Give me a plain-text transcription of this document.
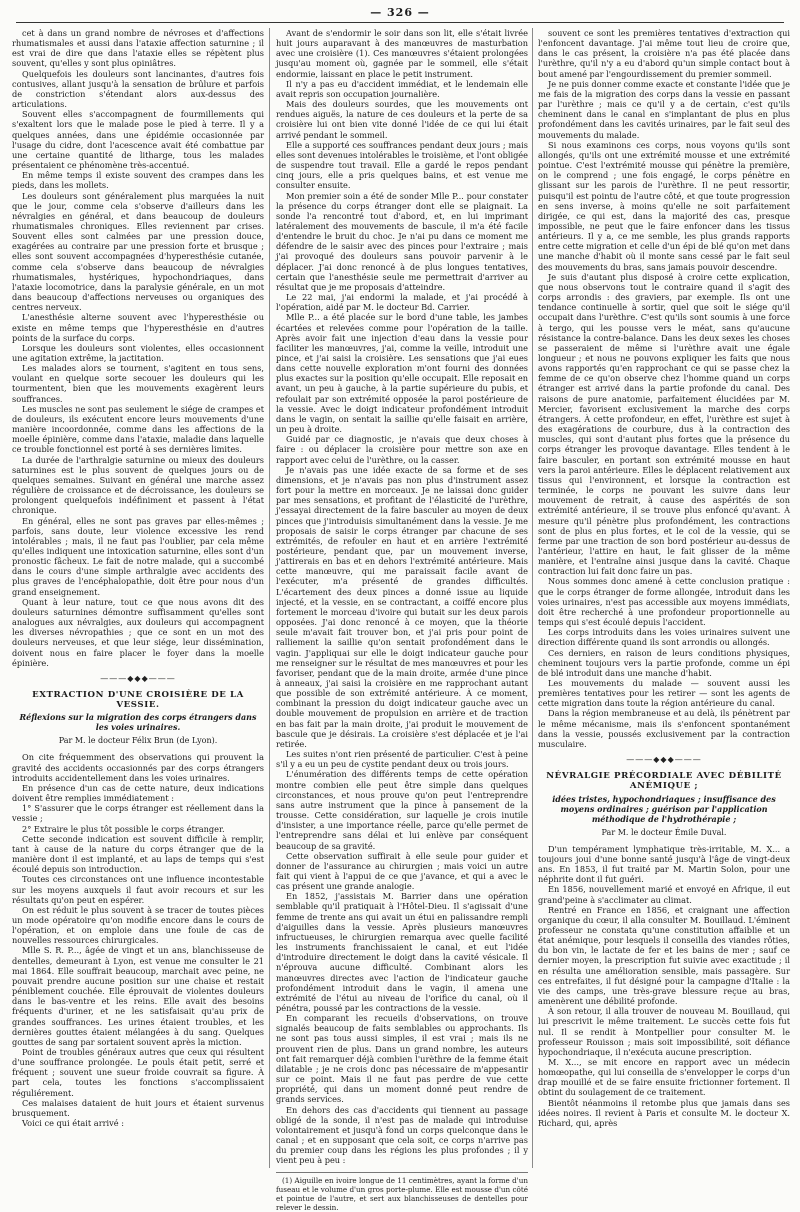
— 326 —

cet à dans un grand nombre de névroses et d'affections rhumatismales et aussi dans l'ataxie affection saturnine ; il est vrai de dire que dans l'ataxie elles se répètent plus souvent, qu'elles y sont plus opiniâtres.

Quelquefois les douleurs sont lancinantes, d'autres fois contusives, allant jusqu'à la sensation de brûlure et parfois de constriction s'étendant alors aux-dessus des articulations.

Souvent elles s'accompagnent de fourmillements qui s'exaltent lors que le malade pose le pied à terre. Il y a quelques années, dans une épidémie occasionnée par l'usage du cidre, dont l'acescence avait été combattue par une certaine quantité de litharge, tous les malades présentaient ce phénomène très-accentué.

En même temps il existe souvent des crampes dans les pieds, dans les mollets.

Les douleurs sont généralement plus marquées la nuit que le jour, comme cela s'observe d'ailleurs dans les névralgies en général, et dans beaucoup de douleurs rhumatismales chroniques. Elles reviennent par crises. Souvent elles sont calmées par une pression douce, exagérées au contraire par une pression forte et brusque ; elles sont souvent accompagnées d'hyperesthésie cutanée, comme cela s'observe dans beaucoup de névralgies rhumatismales, hystériques, hypochondriaques, dans l'ataxie locomotrice, dans la paralysie générale, en un mot dans beaucoup d'affections nerveuses ou organiques des centres nerveux.

L'anesthésie alterne souvent avec l'hyperesthésie ou existe en même temps que l'hyperesthésie en d'autres points de la surface du corps.

Lorsque les douleurs sont violentes, elles occasionnent une agitation extrême, la jactitation.

Les malades alors se tournent, s'agitent en tous sens, voulant en quelque sorte secouer les douleurs qui les tourmentent, bien que les mouvements exagèrent leurs souffrances.

Les muscles ne sont pas seulement le siége de crampes et de douleurs, ils exécutent encore leurs mouvements d'une manière incoordonnée, comme dans les affections de la moelle épinière, comme dans l'ataxie, maladie dans laquelle ce trouble fonctionnel est porté à ses dernières limites.

La durée de l'arthralgie saturnine ou mieux des douleurs saturnines est le plus souvent de quelques jours ou de quelques semaines. Suivant en général une marche assez régulière de croissance et de décroissance, les douleurs se prolongent quelquefois indéfiniment et passent à l'état chronique.

En général, elles ne sont pas graves par elles-mêmes ; parfois, sans doute, leur violence excessive les rend intolérables ; mais, il ne faut pas l'oublier, par cela même qu'elles indiquent une intoxication saturnine, elles sont d'un pronostic fâcheux. Le fait de notre malade, qui a succombé dans le cours d'une simple arthralgie avec accidents des plus graves de l'encéphalopathie, doit être pour nous d'un grand enseignement.

Quant à leur nature, tout ce que nous avons dit des douleurs saturnines démontre suffisamment qu'elles sont analogues aux névralgies, aux douleurs qui accompagnent les diverses névropathies ; que ce sont en un mot des douleurs nerveuses, et que leur siége, leur dissémination, doivent nous en faire placer le foyer dans la moelle épinière.

———◆◆◆———
EXTRACTION D'UNE CROISIÈRE DE LA VESSIE.
Réflexions sur la migration des corps étrangers dans les voies urinaires.
Par M. le docteur Félix Brun (de Lyon).

On cite fréquemment des observations qui prouvent la gravité des accidents occasionnés par des corps étrangers introduits accidentellement dans les voies urinaires.

En présence d'un cas de cette nature, deux indications doivent être remplies immédiatement :

1° S'assurer que le corps étranger est réellement dans la vessie ;

2° Extraire le plus tôt possible le corps étranger.

Cette seconde indication est souvent difficile à remplir, tant à cause de la nature du corps étranger que de la manière dont il est implanté, et au laps de temps qui s'est écoulé depuis son introduction.

Toutes ces circonstances ont une influence incontestable sur les moyens auxquels il faut avoir recours et sur les résultats qu'on peut en espérer.

On est réduit le plus souvent à se tracer de toutes pièces un mode opératoire qu'on modifie encore dans le cours de l'opération, et on emploie dans une foule de cas de nouvelles ressources chirurgicales.

Mlle S. R. P..., âgée de vingt et un ans, blanchisseuse de dentelles, demeurant à Lyon, est venue me consulter le 21 mai 1864. Elle souffrait beaucoup, marchait avec peine, ne pouvait prendre aucune position sur une chaise et restait péniblement couchée. Elle éprouvait de violentes douleurs dans le bas-ventre et les reins. Elle avait des besoins fréquents d'uriner, et ne les satisfaisait qu'au prix de grandes souffrances. Les urines étaient troubles, et les dernières gouttes étaient mélangées à du sang. Quelques gouttes de sang par sortaient souvent après la miction.

Point de troubles généraux autres que ceux qui résultent d'une souffrance prolongée. Le pouls était petit, serré et fréquent ; souvent une sueur froide couvrait sa figure. À part cela, toutes les fonctions s'accomplissaient réguliérement.

Ces malaises dataient de huit jours et étaient survenus brusquement.

Voici ce qui était arrivé :

Avant de s'endormir le soir dans son lit, elle s'était livrée huit jours auparavant à des manœuvres de masturbation avec une croisière (1). Ces manœuvres s'étaient prolongées jusqu'au moment où, gagnée par le sommeil, elle s'était endormie, laissant en place le petit instrument.

Il n'y a pas eu d'accident immédiat, et le lendemain elle avait repris son occupation journalière.

Mais des douleurs sourdes, que les mouvements ont rendues aiguës, la nature de ces douleurs et la perte de sa croisière lui ont bien vite donné l'idée de ce qui lui était arrivé pendant le sommeil.

Elle a supporté ces souffrances pendant deux jours ; mais elles sont devenues intolérables le troisième, et l'ont obligée de suspendre tout travail. Elle a gardé le repos pendant cinq jours, elle a pris quelques bains, et est venue me consulter ensuite.

Mon premier soin a été de sonder Mlle P... pour constater la présence du corps étranger dont elle se plaignait. La sonde l'a rencontré tout d'abord, et, en lui imprimant latéralement des mouvements de bascule, il m'a été facile d'entendre le bruit du choc. Je n'ai pu dans ce moment me défendre de le saisir avec des pinces pour l'extraire ; mais j'ai provoqué des douleurs sans pouvoir parvenir à le déplacer. J'ai donc renoncé à de plus longues tentatives, certain que l'anesthésie seule me permettrait d'arriver au résultat que je me proposais d'atteindre.

Le 22 mai, j'ai endormi la malade, et j'ai procédé à l'opération, aidé par M. le docteur Bd. Carrier.

Mlle P... a été placée sur le bord d'une table, les jambes écartées et relevées comme pour l'opération de la taille. Après avoir fait une injection d'eau dans la vessie pour faciliter les manœuvres, j'ai, comme la veille, introduit une pince, et j'ai saisi la croisière. Les sensations que j'ai eues dans cette nouvelle exploration m'ont fourni des données plus exactes sur la position qu'elle occupait. Elle reposait en avant, un peu à gauche, à la partie supérieure du pubis, et refoulait par son extrémité opposée la paroi postérieure de la vessie. Avec le doigt indicateur profondément introduit dans le vagin, on sentait la saillie qu'elle faisait en arrière, un peu à droite.

Guidé par ce diagnostic, je n'avais que deux choses à faire : ou déplacer la croisière pour mettre son axe en rapport avec celui de l'urèthre, ou la casser.

Je n'avais pas une idée exacte de sa forme et de ses dimensions, et je n'avais pas non plus d'instrument assez fort pour la mettre en morceaux. Je ne laissai donc guider par mes sensations, et profitant de l'élasticité de l'urèthre, j'essayai directement de la faire basculer au moyen de deux pinces que j'introduisis simultanément dans la vessie. Je me proposais de saisir le corps étranger par chacune de ses extrémités, de refouler en haut et en arrière l'extrémité postérieure, pendant que, par un mouvement inverse, j'attirerais en bas et en dehors l'extrémité antérieure. Mais cette manœuvre, qui me paraissait facile avant de l'exécuter, m'a présenté de grandes difficultés. L'écartement des deux pinces a donné issue au liquide injecté, et la vessie, en se contractant, a coiffé encore plus fortement le morceau d'ivoire qui butait sur les deux parois opposées. J'ai donc renoncé à ce moyen, que la théorie seule m'avait fait trouver bon, et j'ai pris pour point de ralliement la saillie qu'on sentait profondément dans le vagin. J'appliquai sur elle le doigt indicateur gauche pour me renseigner sur le résultat de mes manœuvres et pour les favoriser, pendant que de la main droite, armée d'une pince à anneaux, j'ai saisi la croisière en me rapprochant autant que possible de son extrémité antérieure. À ce moment, combinant la pression du doigt indicateur gauche avec un double mouvement de propulsion en arrière et de traction en bas fait par la main droite, j'ai produit le mouvement de bascule que je désirais. La croisière s'est déplacée et je l'ai retirée.

Les suites n'ont rien présenté de particulier. C'est à peine s'il y a eu un peu de cystite pendant deux ou trois jours.

L'énumération des différents temps de cette opération montre combien elle peut être simple dans quelques circonstances, et nous prouve qu'on peut l'entreprendre sans autre instrument que la pince à pansement de la trousse. Cette considération, sur laquelle je crois inutile d'insister, a une importance réelle, parce qu'elle permet de l'entreprendre sans délai et lui enlève par conséquent beaucoup de sa gravité.

Cette observation suffirait à elle seule pour guider et donner de l'assurance au chirurgien ; mais voici un autre fait qui vient à l'appui de ce que j'avance, et qui a avec le cas présent une grande analogie.

En 1852, j'assistais M. Barrier dans une opération semblable qu'il pratiquait à l'Hôtel-Dieu. Il s'agissait d'une femme de trente ans qui avait un étui en palissandre rempli d'aiguilles dans la vessie. Après plusieurs manœuvres infructueuses, le chirurgien remarqua avec quelle facilité les instruments franchissaient le canal, et eut l'idée d'introduire directement le doigt dans la cavité vésicale. Il n'éprouva aucune difficulté. Combinant alors les manœuvres directes avec l'action de l'indicateur gauche profondément introduit dans le vagin, il amena une extrémité de l'étui au niveau de l'orifice du canal, où il pénétra, poussé par les contractions de la vessie.

En comparant les recueils d'observations, on trouve signalés beaucoup de faits semblables ou approchants. Ils ne sont pas tous aussi simples, il est vrai ; mais ils ne prouvent rien de plus. Dans un grand nombre, les auteurs ont fait remarquer déjà combien l'urèthre de la femme était dilatable ; je ne crois donc pas nécessaire de m'appesantir sur ce point. Mais il ne faut pas perdre de vue cette propriété, qui dans un moment donné peut rendre de grands services.

En dehors des cas d'accidents qui tiennent au passage obligé de la sonde, il n'est pas de malade qui introduise volontairement et jusqu'à fond un corps quelconque dans le canal ; et en supposant que cela soit, ce corps n'arrive pas du premier coup dans les régions les plus profondes ; il y vient peu à peu :

(1) Aiguille en ivoire longue de 11 centimètres, ayant la forme d'un fuseau et le volume d'un gros porte-plume. Elle est mousse d'un côté et pointue de l'autre, et sert aux blanchisseuses de dentelles pour relever le dessin.

souvent ce sont les premières tentatives d'extraction qui l'enfoncent davantage. J'ai même tout lieu de croire que, dans le cas présent, la croisière n'a pas été placée dans l'urèthre, qu'il n'y a eu d'abord qu'un simple contact bout à bout amené par l'engourdissement du premier sommeil.

Je ne puis donner comme exacte et constante l'idée que je me fais de la migration des corps dans la vessie en passant par l'urèthre ; mais ce qu'il y a de certain, c'est qu'ils cheminent dans le canal en s'implantant de plus en plus profondément dans les cavités urinaires, par le fait seul des mouvements du malade.

Si nous examinons ces corps, nous voyons qu'ils sont allongés, qu'ils ont une extrémité mousse et une extrémité pointue. C'est l'extrémité mousse qui pénètre la première, on le comprend ; une fois engagé, le corps pénètre en glissant sur les parois de l'urèthre. Il ne peut ressortir, puisqu'il est pointu de l'autre côté, et que toute progression en sens inverse, à moins qu'elle ne soit parfaitement dirigée, ce qui est, dans la majorité des cas, presque impossible, ne peut que le faire enfoncer dans les tissus antérieurs. Il y a, ce me semble, les plus grands rapports entre cette migration et celle d'un épi de blé qu'on met dans une manche d'habit où il monte sans cessé par le fait seul des mouvements du bras, sans jamais pouvoir descendre.

Je suis d'autant plus disposé à croire cette explication, que nous observons tout le contraire quand il s'agit des corps arrondis : des graviers, par exemple. Ils ont une tendance continuelle à sortir, quel que soit le siége qu'il occupait dans l'urèthre. C'est qu'ils sont soumis à une force à tergo, qui les pousse vers le méat, sans qu'aucune résistance la contre-balance. Dans les deux sexes les choses se passeraient de même si l'urèthre avait une égale longueur ; et nous ne pouvons expliquer les faits que nous avons rapportés qu'en rapprochant ce qui se passe chez la femme de ce qu'on observe chez l'homme quand un corps étranger est arrivé dans la partie profonde du canal. Des raisons de pure anatomie, parfaitement élucidées par M. Mercier, favorisent exclusivement la marche des corps étrangers. À cette profondeur, en effet, l'urèthre est sujet à des exagérations de courbure, dus à la contraction des muscles, qui sont d'autant plus fortes que la présence du corps étranger les provoque davantage. Elles tendent à le faire basculer, en portant son extrémité mousse en haut vers la paroi antérieure. Elles le déplacent relativement aux tissus qui l'environnent, et lorsque la contraction est terminée, le corps ne pouvant les suivre dans leur mouvement de retrait, à cause des aspérités de son extrémité antérieure, il se trouve plus enfoncé qu'avant. À mesure qu'il pénètre plus profondément, les contractions sont de plus en plus fortes, et le col de la vessie, qui se ferme par une traction de son bord postérieur au-dessus de l'antérieur, l'attire en haut, le fait glisser de la même manière, et l'entraîne ainsi jusque dans la cavité. Chaque contraction lui fait donc faire un pas.

Nous sommes donc amené à cette conclusion pratique : que le corps étranger de forme allongée, introduit dans les voies urinaires, n'est pas accessible aux moyens immédiats, doit être recherché à une profondeur proportionnelle au temps qui s'est écoulé depuis l'accident.

Les corps introduits dans les voies urinaires suivent une direction différente quand ils sont arrondis ou allongés.

Ces derniers, en raison de leurs conditions physiques, cheminent toujours vers la partie profonde, comme un épi de blé introduit dans une manche d'habit.

Les mouvements du malade — souvent aussi les premières tentatives pour les retirer — sont les agents de cette migration dans toute la région antérieure du canal.

Dans la région membraneuse et au delà, ils pénètrent par le même mécanisme, mais ils s'enfoncent spontanément dans la vessie, poussés exclusivement par la contraction musculaire.

———◆◆◆———
NÉVRALGIE PRÉCORDIALE AVEC DÉBILITÉ ANÉMIQUE ;
idées tristes, hypochondriaques ; insuffisance des moyens ordinaires ; guérison par l'application méthodique de l'hydrothérapie ;
Par M. le docteur Émile Duval.

D'un tempérament lymphatique très-irritable, M. X... a toujours joui d'une bonne santé jusqu'à l'âge de vingt-deux ans. En 1853, il fut traité par M. Martin Solon, pour une néphrite dont il fut guéri.

En 1856, nouvellement marié et envoyé en Afrique, il eut grand'peine à s'acclimater au climat.

Rentré en France en 1856, et craignant une affection organique du cœur, il alla consulter M. Bouillaud. L'éminent professeur ne constata qu'une constitution affaiblie et un état anémique, pour lesquels il conseilla des viandes rôties, du bon vin, le lactate de fer et les bains de mer ; sauf ce dernier moyen, la prescription fut suivie avec exactitude ; il en résulta une amélioration sensible, mais passagère. Sur ces entrefaites, il fut désigné pour la campagne d'Italie : la vie des camps, une très-grave blessure reçue au bras, amenèrent une débilité profonde.

À son retour, il alla trouver de nouveau M. Bouillaud, qui lui prescrivit le même traitement. Le succès cette fois fut nul. Il se rendit à Montpellier pour consulter M. le professeur Rouisson ; mais soit impossibilité, soit défiance hypochondriaque, il n'exécuta aucune prescription.

M. X..., se mit encore en rapport avec un médecin homœopathe, qui lui conseilla de s'envelopper le corps d'un drap mouillé et de se faire ensuite frictionner fortement. Il obtint du soulagement de ce traitement.

Bientôt néanmoins il retombe plus que jamais dans ses idées noires. Il revient à Paris et consulte M. le docteur X. Richard, qui, après
